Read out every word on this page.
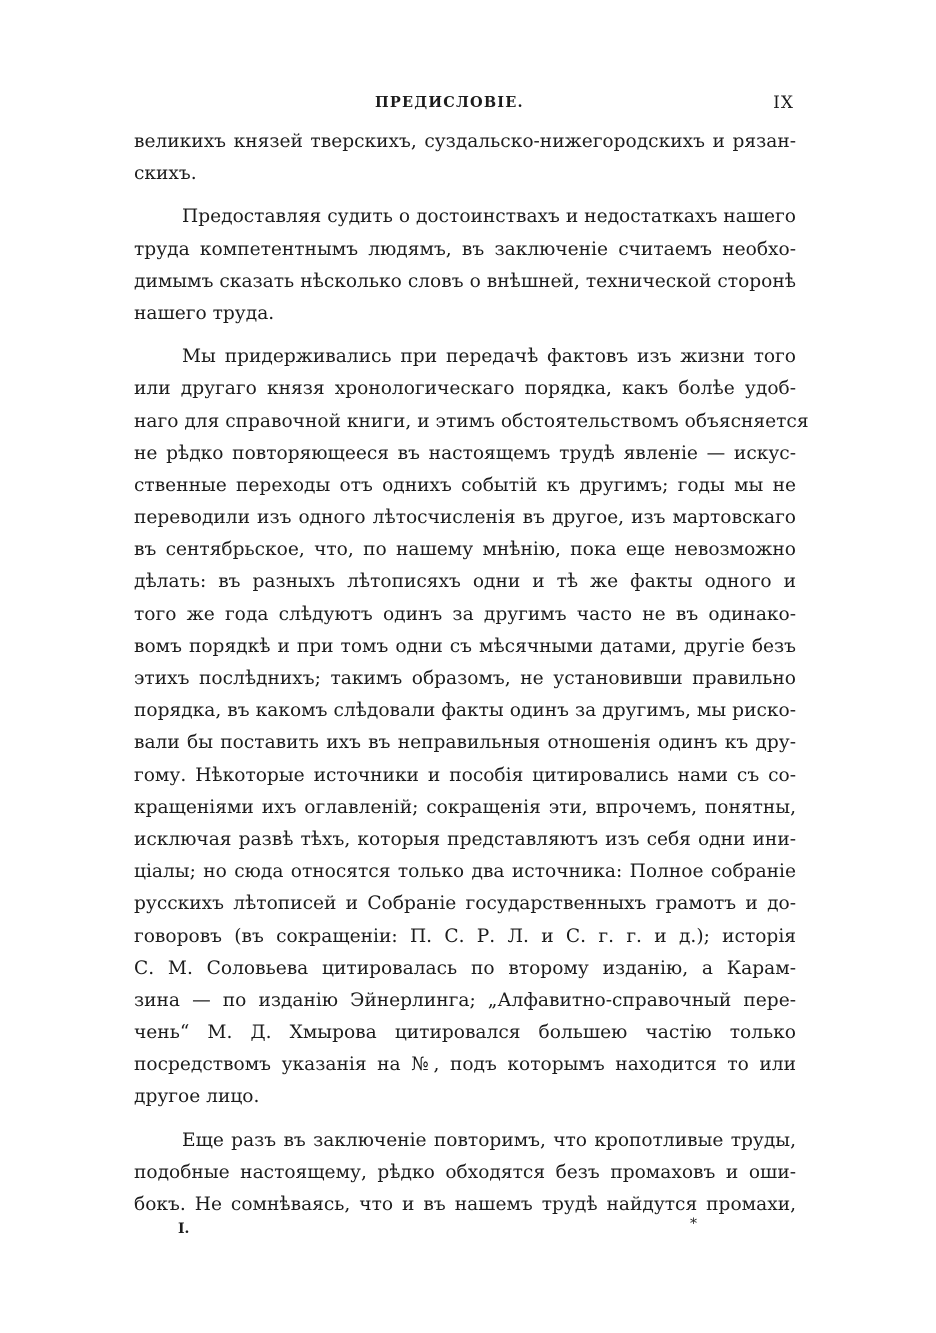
ПРЕДИСЛОВІЕ.	IX
великихъ князей тверскихъ, суздальско-нижегородскихъ и рязан-
скихъ.
Предоставляя судить о достоинствахъ и недостаткахъ нашего
труда компетентнымъ людямъ, въ заключеніе считаемъ необхо-
димымъ сказать нѣсколько словъ о внѣшней, технической сторонѣ
нашего труда.
Мы придерживались при передачѣ фактовъ изъ жизни того
или другаго князя хронологическаго порядка, какъ болѣе удоб-
наго для справочной книги, и этимъ обстоятельствомъ объясняется
не рѣдко повторяющееся въ настоящемъ трудѣ явленіе — искус-
ственные переходы отъ однихъ событій къ другимъ; годы мы не
переводили изъ одного лѣтосчисленія въ другое, изъ мартовскаго
въ сентябрьское, что, по нашему мнѣнію, пока еще невозможно
дѣлать: въ разныхъ лѣтописяхъ одни и тѣ же факты одного и
того же года слѣдуютъ одинъ за другимъ часто не въ одинако-
вомъ порядкѣ и при томъ одни съ мѣсячными датами, другіе безъ
этихъ послѣднихъ; такимъ образомъ, не установивши правильно
порядка, въ какомъ слѣдовали факты одинъ за другимъ, мы риско-
вали бы поставить ихъ въ неправильныя отношенія одинъ къ дру-
гому. Нѣкоторые источники и пособія цитировались нами съ со-
кращеніями ихъ оглавленій; сокращенія эти, впрочемъ, понятны,
исключая развѣ тѣхъ, которыя представляютъ изъ себя одни ини-
ціалы; но сюда относятся только два источника: Полное собраніе
русскихъ лѣтописей и Собраніе государственныхъ грамотъ и до-
говоровъ (въ сокращеніи: П. С. Р. Л. и С. г. г. и д.); исторія
С. М. Соловьева цитировалась по второму изданію, а Карам-
зина — по изданію Эйнерлинга; „Алфавитно-справочный пере-
чень“ М. Д. Хмырова цитировался большею частію только
посредствомъ указанія на №, подъ которымъ находится то или
другое лицо.
Еще разъ въ заключеніе повторимъ, что кропотливые труды,
подобные настоящему, рѣдко обходятся безъ промаховъ и оши-
бокъ. Не сомнѣваясь, что и въ нашемъ трудѣ найдутся промахи,
I.	*
